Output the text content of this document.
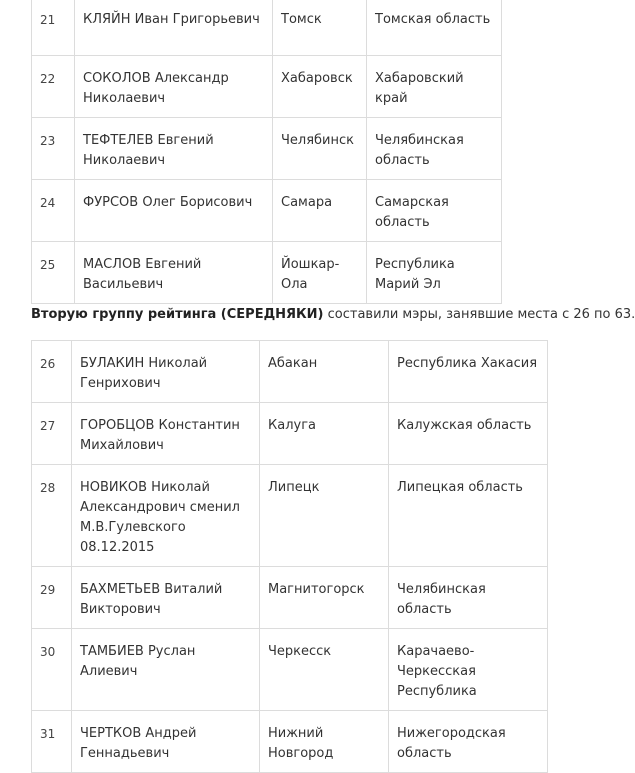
21	КЛЯЙН Иван Григорьевич	Томск	Томская область
22	СОКОЛОВ Александр Николаевич	Хабаровск	Хабаровский край
23	ТЕФТЕЛЕВ Евгений Николаевич	Челябинск	Челябинская область
24	ФУРСОВ Олег Борисович	Самара	Самарская область
25	МАСЛОВ Евгений Васильевич	Йошкар-Ола	Республика Марий Эл
Вторую группу рейтинга (СЕРЕДНЯКИ) составили мэры, занявшие места с 26 по 63.
26	БУЛАКИН Николай Генрихович	Абакан	Республика Хакасия
27	ГОРОБЦОВ Константин Михайлович	Калуга	Калужская область
28	НОВИКОВ Николай Александрович сменил М.В.Гулевского 08.12.2015	Липецк	Липецкая область
29	БАХМЕТЬЕВ Виталий Викторович	Магнитогорск	Челябинская область
30	ТАМБИЕВ Руслан Алиевич	Черкесск	Карачаево-Черкесская Республика
31	ЧЕРТКОВ Андрей Геннадьевич	Нижний Новгород	Нижегородская область
